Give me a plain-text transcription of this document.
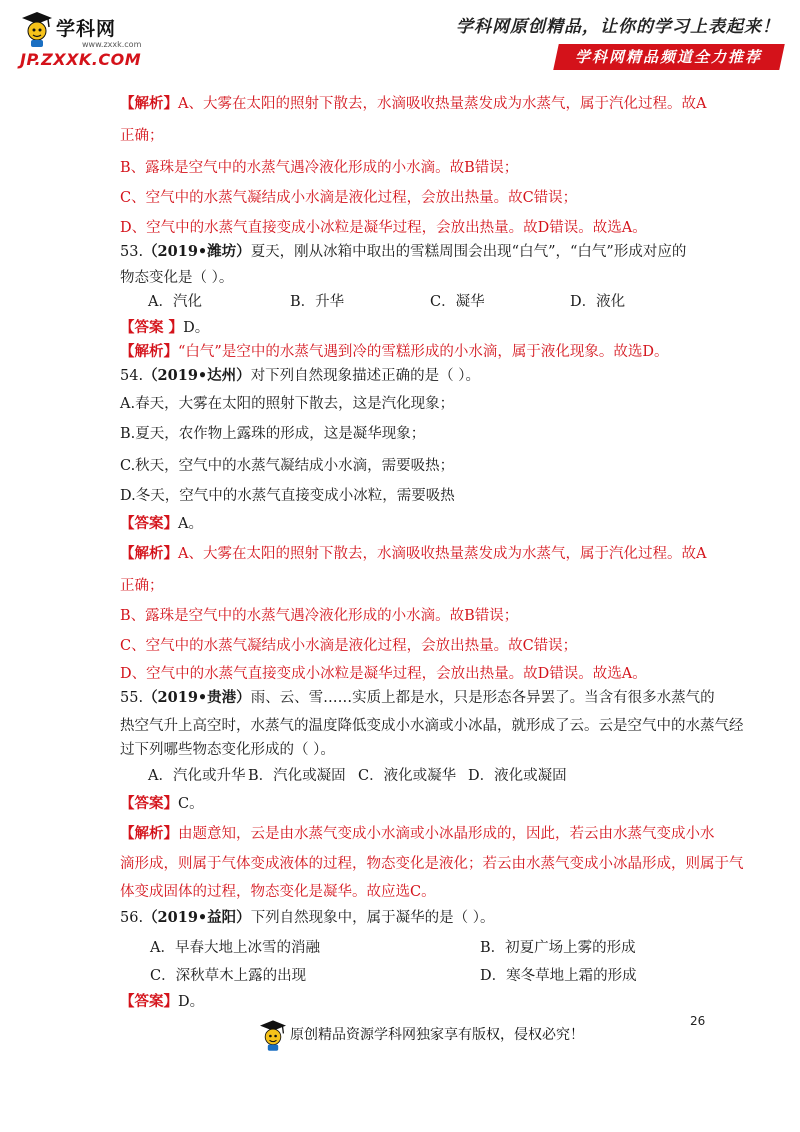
学科网
www.zxxk.com
JP.ZXXK.COM
学科网原创精品，让你的学习上表起来！
学科网精品频道全力推荐
【解析】A、大雾在太阳的照射下散去，水滴吸收热量蒸发成为水蒸气，属于汽化过程。故A
正确；
B、露珠是空气中的水蒸气遇冷液化形成的小水滴。故B错误；
C、空气中的水蒸气凝结成小水滴是液化过程，会放出热量。故C错误；
D、空气中的水蒸气直接变成小冰粒是凝华过程，会放出热量。故D错误。故选A。
53.（2019•潍坊）夏天，刚从冰箱中取出的雪糕周围会出现“白气”，“白气”形成对应的
物态变化是（ ）。
A．汽化	B．升华	C．凝华	D．液化
【答案 】D。
【解析】“白气”是空中的水蒸气遇到冷的雪糕形成的小水滴，属于液化现象。故选D。
54.（2019•达州）对下列自然现象描述正确的是（ ）。
A.春天，大雾在太阳的照射下散去，这是汽化现象；
B.夏天，农作物上露珠的形成，这是凝华现象；
C.秋天，空气中的水蒸气凝结成小水滴，需要吸热；
D.冬天，空气中的水蒸气直接变成小冰粒，需要吸热
【答案】A。
【解析】A、大雾在太阳的照射下散去，水滴吸收热量蒸发成为水蒸气，属于汽化过程。故A
正确；
B、露珠是空气中的水蒸气遇冷液化形成的小水滴。故B错误；
C、空气中的水蒸气凝结成小水滴是液化过程，会放出热量。故C错误；
D、空气中的水蒸气直接变成小冰粒是凝华过程，会放出热量。故D错误。故选A。
55.（2019•贵港）雨、云、雪……实质上都是水，只是形态各异罢了。当含有很多水蒸气的
热空气升上高空时，水蒸气的温度降低变成小水滴或小冰晶，就形成了云。云是空气中的水蒸气经
过下列哪些物态变化形成的（ ）。
A．汽化或升华 B．汽化或凝固 C．液化或凝华 D．液化或凝固
【答案】C。
【解析】由题意知，云是由水蒸气变成小水滴或小冰晶形成的，因此，若云由水蒸气变成小水
滴形成，则属于气体变成液体的过程，物态变化是液化；若云由水蒸气变成小冰晶形成，则属于气
体变成固体的过程，物态变化是凝华。故应选C。
56.（2019•益阳）下列自然现象中，属于凝华的是（ ）。
A．早春大地上冰雪的消融	B．初夏广场上雾的形成
C．深秋草木上露的出现	D．寒冬草地上霜的形成
【答案】D。
26
原创精品资源学科网独家享有版权，侵权必究！
